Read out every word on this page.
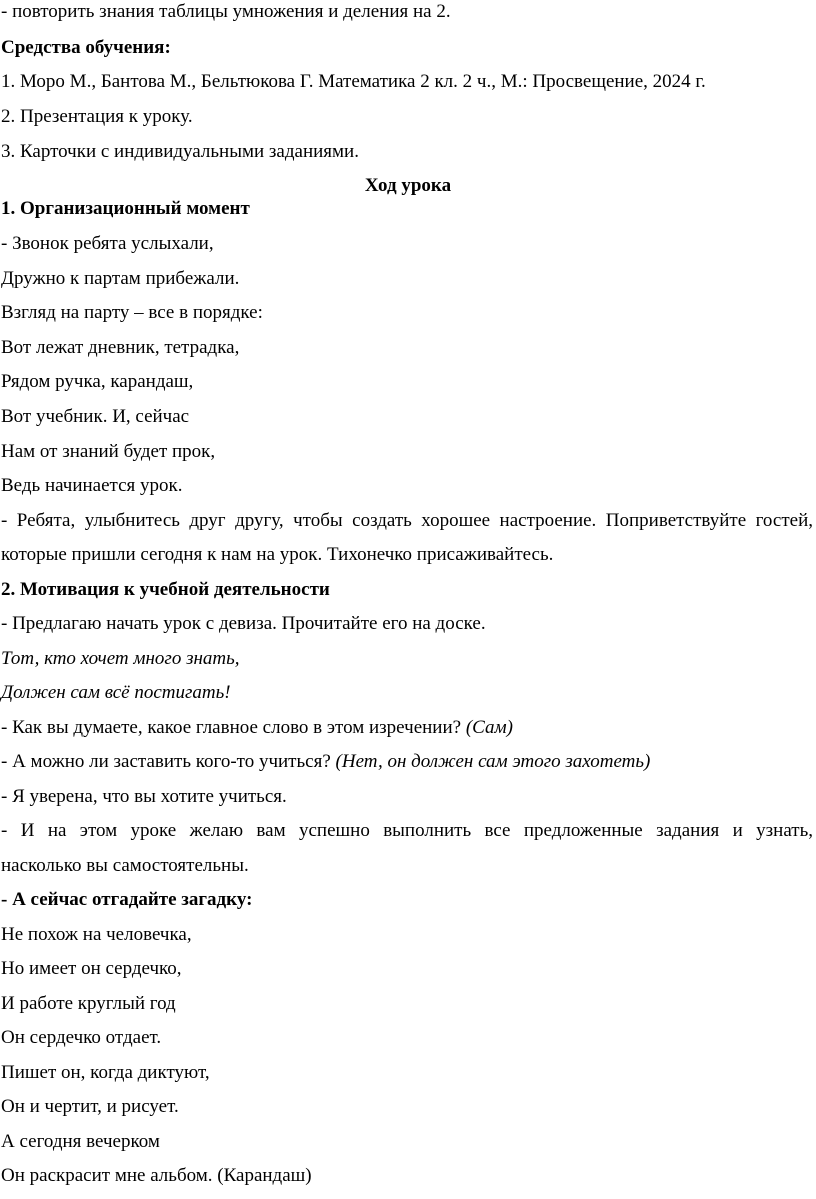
- повторить знания таблицы умножения и деления на 2.
Средства обучения:
1. Моро М., Бантова М., Бельтюкова Г. Математика 2 кл. 2 ч., М.: Просвещение, 2024 г.
2. Презентация к уроку.
3. Карточки с индивидуальными заданиями.
Ход урока
1. Организационный момент
- Звонок ребята услыхали,
Дружно к партам прибежали.
Взгляд на парту – все в порядке:
Вот лежат дневник, тетрадка,
Рядом ручка, карандаш,
Вот учебник. И, сейчас
Нам от знаний будет прок,
Ведь начинается урок.
- Ребята, улыбнитесь друг другу, чтобы создать хорошее настроение. Поприветствуйте гостей,
которые пришли сегодня к нам на урок. Тихонечко присаживайтесь.
2. Мотивация к учебной деятельности
- Предлагаю начать урок с девиза. Прочитайте его на доске.
Тот, кто хочет много знать,
Должен сам всё постигать!
- Как вы думаете, какое главное слово в этом изречении? (Сам)
- А можно ли заставить кого-то учиться? (Нет, он должен сам этого захотеть)
- Я уверена, что вы хотите учиться.
- И на этом уроке желаю вам успешно выполнить все предложенные задания и узнать,
насколько вы самостоятельны.
- А сейчас отгадайте загадку:
Не похож на человечка,
Но имеет он сердечко,
И работе круглый год
Он сердечко отдает.
Пишет он, когда диктуют,
Он и чертит, и рисует.
А сегодня вечерком
Он раскрасит мне альбом. (Карандаш)
